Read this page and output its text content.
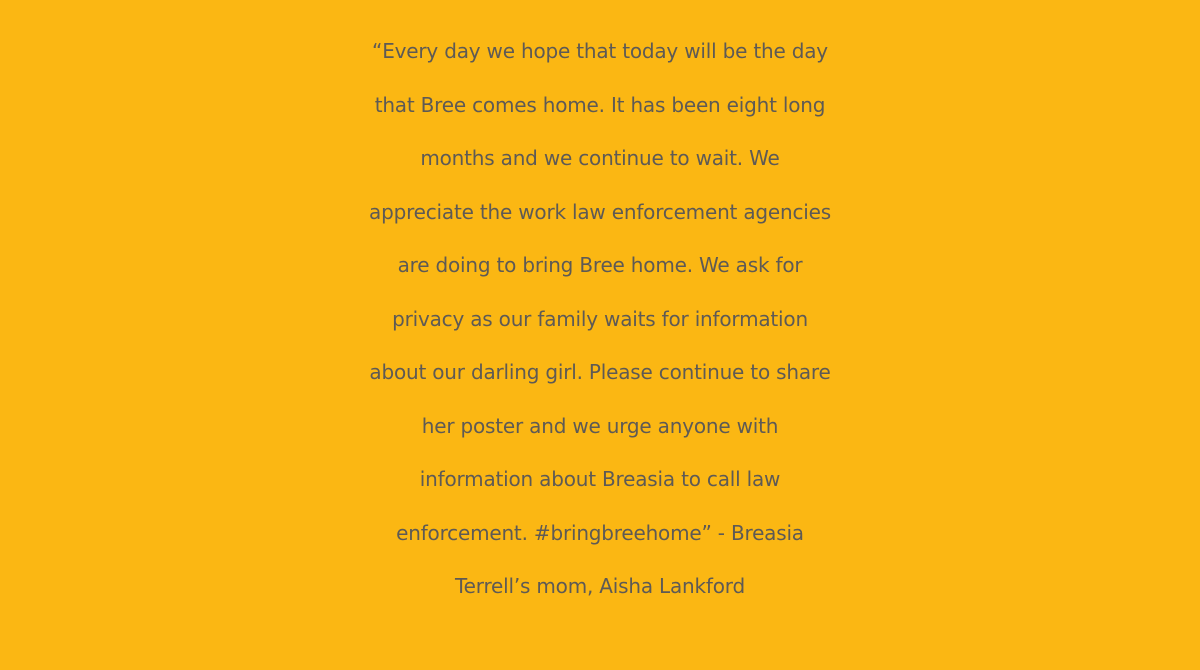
“Every day we hope that today will be the day
that Bree comes home. It has been eight long
months and we continue to wait. We
appreciate the work law enforcement agencies
are doing to bring Bree home. We ask for
privacy as our family waits for information
about our darling girl. Please continue to share
her poster and we urge anyone with
information about Breasia to call law
enforcement. #bringbreehome” - Breasia
Terrell’s mom, Aisha Lankford
